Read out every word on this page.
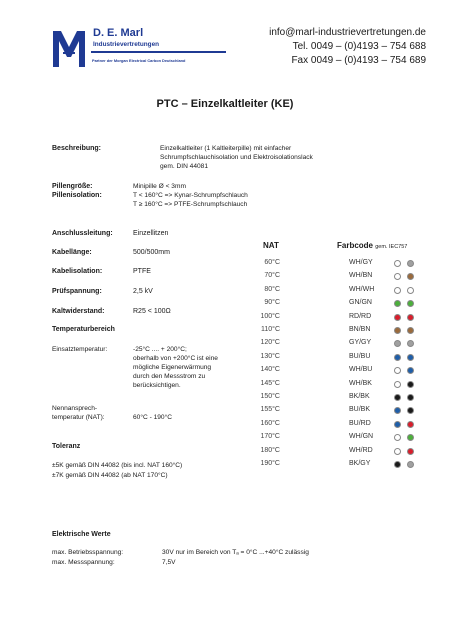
D. E. Marl
Industrievertretungen
Partner der Morgan Electrical Carbon Deutschland
info@marl-industrievertretungen.de
Tel. 0049 – (0)4193 – 754 688
Fax 0049 – (0)4193 – 754 689
PTC – Einzelkaltleiter (KE)
Beschreibung:	Einzelkaltleiter (1 Kaltleiterpille) mit einfacher
Schrumpfschlauchisolation und Elektroisolationslack
gem. DIN 44081
Pillengröße:	Minipille Ø < 3mm
Pillenisolation:	T < 160°C => Kynar-Schrumpfschlauch
T ≥ 160°C => PTFE-Schrumpfschlauch
Anschlussleitung:	Einzellitzen
Kabellänge:	500/500mm
Kabelisolation:	PTFE
Prüfspannung:	2,5 kV
Kaltwiderstand:	R25 < 100Ω
Temperaturbereich
Einsatztemperatur:	-25°C .... + 200°C;
oberhalb von +200°C ist eine
mögliche Eigenerwärmung
durch den Messstrom zu
berücksichtigen.
Nennansprech-
temperatur (NAT):	60°C - 190°C
Toleranz
±5K gemäß DIN 44082 (bis incl. NAT 160°C)
±7K gemäß DIN 44082 (ab NAT 170°C)
NAT	Farbcode gem. IEC757
60°C	WH/GY
70°C	WH/BN
80°C	WH/WH
90°C	GN/GN
100°C	RD/RD
110°C	BN/BN
120°C	GY/GY
130°C	BU/BU
140°C	WH/BU
145°C	WH/BK
150°C	BK/BK
155°C	BU/BK
160°C	BU/RD
170°C	WH/GN
180°C	WH/RD
190°C	BK/GY
Elektrische Werte
max. Betriebsspannung:	30V nur im Bereich von Tₐ = 0°C ...+40°C zulässig
max. Messspannung:	7,5V
